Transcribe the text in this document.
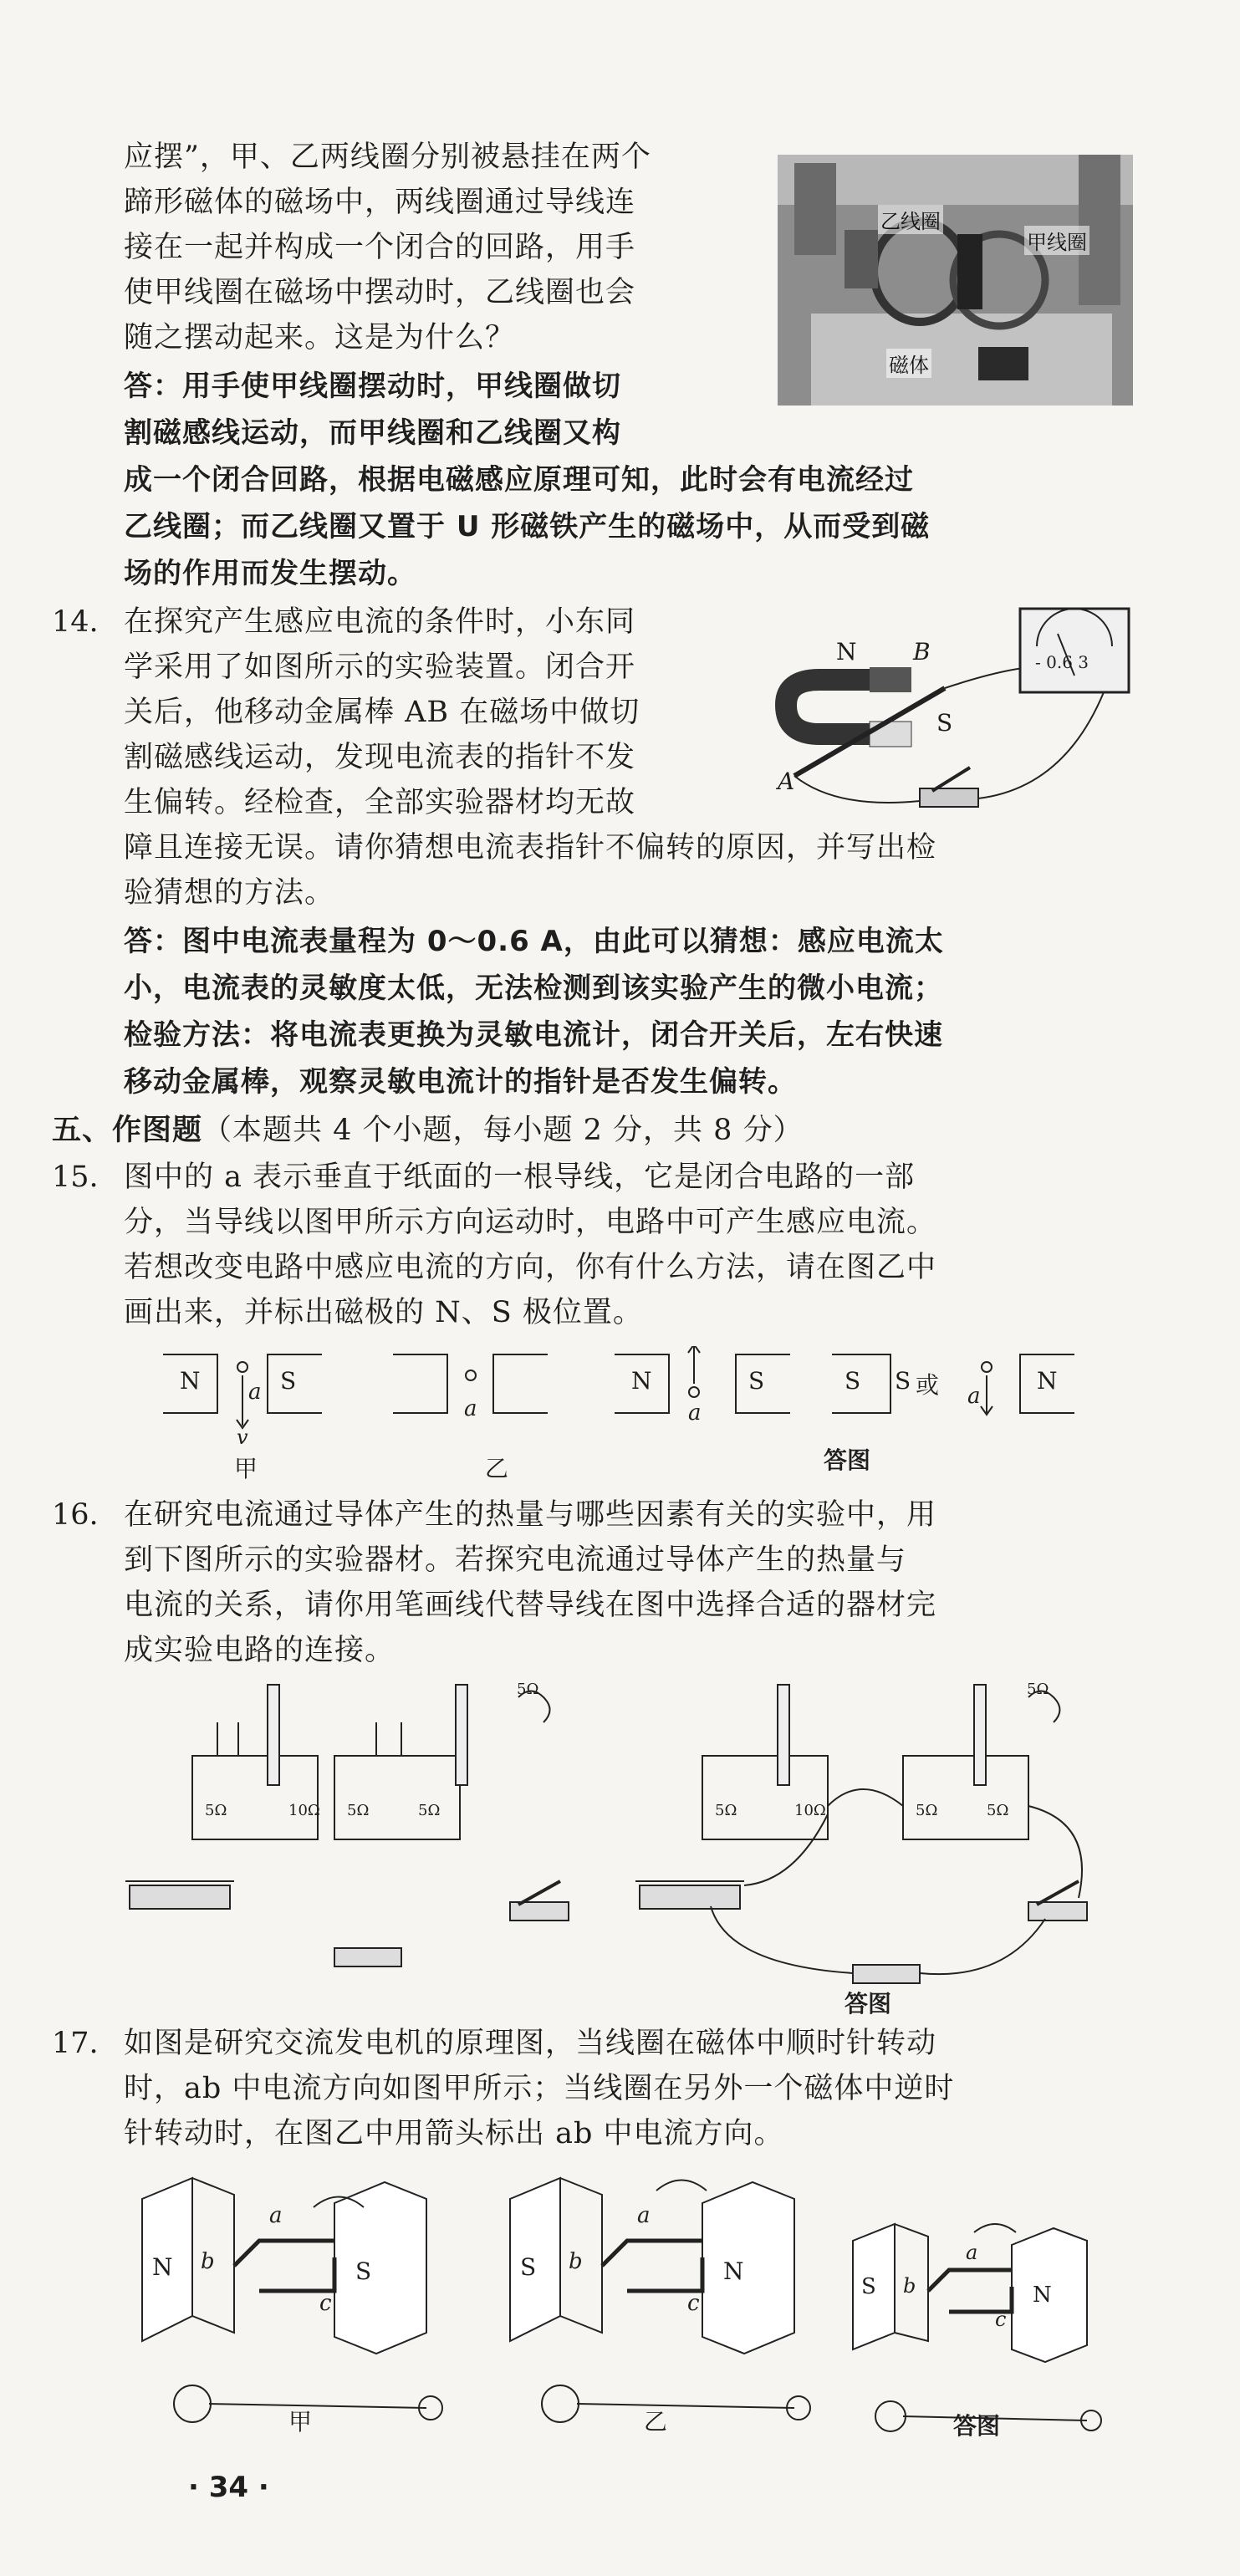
应摆”，甲、乙两线圈分别被悬挂在两个
蹄形磁体的磁场中，两线圈通过导线连
接在一起并构成一个闭合的回路，用手
使甲线圈在磁场中摆动时，乙线圈也会
随之摆动起来。这是为什么？
答：用手使甲线圈摆动时，甲线圈做切
割磁感线运动，而甲线圈和乙线圈又构
成一个闭合回路，根据电磁感应原理可知，此时会有电流经过
乙线圈；而乙线圈又置于 U 形磁铁产生的磁场中，从而受到磁
场的作用而发生摆动。
乙线圈
甲线圈
磁体
14. 在探究产生感应电流的条件时，小东同
学采用了如图所示的实验装置。闭合开
关后，他移动金属棒 AB 在磁场中做切
割磁感线运动，发现电流表的指针不发
生偏转。经检查，全部实验器材均无故
障且连接无误。请你猜想电流表指针不偏转的原因，并写出检
验猜想的方法。
答：图中电流表量程为 0～0.6 A，由此可以猜想：感应电流太
小，电流表的灵敏度太低，无法检测到该实验产生的微小电流；
检验方法：将电流表更换为灵敏电流计，闭合开关后，左右快速
移动金属棒，观察灵敏电流计的指针是否发生偏转。
N
S
A
B	- 0.6 3
五、作图题（本题共 4 个小题，每小题 2 分，共 8 分）
15. 图中的 a 表示垂直于纸面的一根导线，它是闭合电路的一部
分，当导线以图甲所示方向运动时，电路中可产生感应电流。
若想改变电路中感应电流的方向，你有什么方法，请在图乙中
画出来，并标出磁极的 N、S 极位置。
N	S
a
v
甲
a
乙
N
a
S	S 或
S
a
N
答图
16. 在研究电流通过导体产生的热量与哪些因素有关的实验中，用
到下图所示的实验器材。若探究电流通过导体产生的热量与
电流的关系，请你用笔画线代替导线在图中选择合适的器材完
成实验电路的连接。
5Ω	10Ω 5Ω	5Ω
5Ω
5Ω	10Ω	5Ω	5Ω
5Ω
答图
17. 如图是研究交流发电机的原理图，当线圈在磁体中顺时针转动
时，ab 中电流方向如图甲所示；当线圈在另外一个磁体中逆时
针转动时，在图乙中用箭头标出 ab 中电流方向。
N	S
a
b
c
甲
S	N
a
b
c
乙
S	N
a
b
c
答图
· 34 ·
